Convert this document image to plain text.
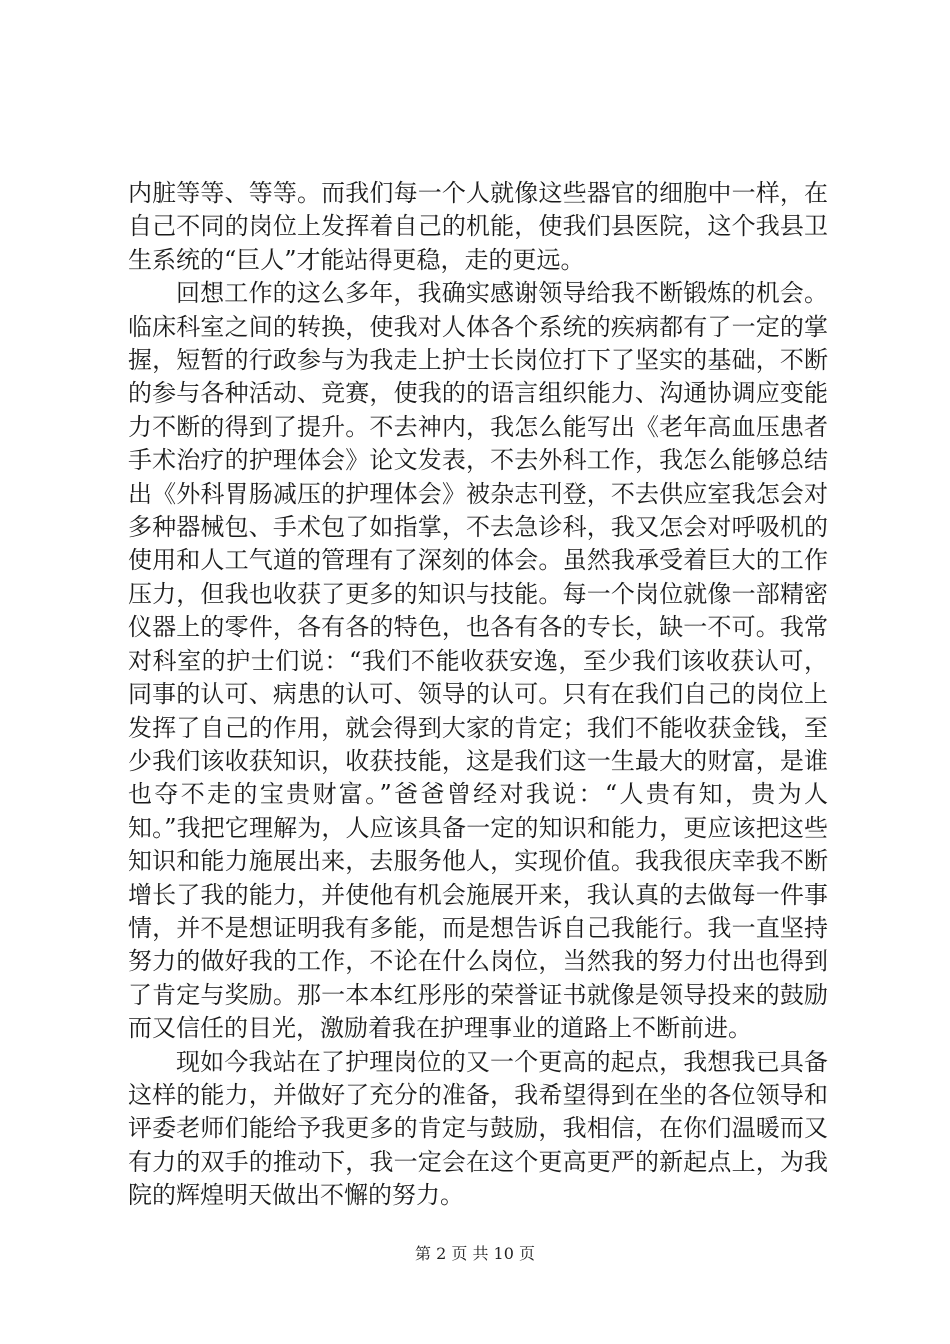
内脏等等、等等。而我们每一个人就像这些器官的细胞中一样，在自己不同的岗位上发挥着自己的机能，使我们县医院，这个我县卫生系统的“巨人”才能站得更稳，走的更远。

回想工作的这么多年，我确实感谢领导给我不断锻炼的机会。临床科室之间的转换，使我对人体各个系统的疾病都有了一定的掌握，短暂的行政参与为我走上护士长岗位打下了坚实的基础，不断的参与各种活动、竞赛，使我的的语言组织能力、沟通协调应变能力不断的得到了提升。不去神内，我怎么能写出《老年高血压患者手术治疗的护理体会》论文发表，不去外科工作，我怎么能够总结出《外科胃肠减压的护理体会》被杂志刊登，不去供应室我怎会对多种器械包、手术包了如指掌，不去急诊科，我又怎会对呼吸机的使用和人工气道的管理有了深刻的体会。虽然我承受着巨大的工作压力，但我也收获了更多的知识与技能。每一个岗位就像一部精密仪器上的零件，各有各的特色，也各有各的专长，缺一不可。我常对科室的护士们说：“我们不能收获安逸，至少我们该收获认可，同事的认可、病患的认可、领导的认可。只有在我们自己的岗位上发挥了自己的作用，就会得到大家的肯定；我们不能收获金钱，至少我们该收获知识，收获技能，这是我们这一生最大的财富，是谁也夺不走的宝贵财富。”爸爸曾经对我说：“人贵有知，贵为人知。”我把它理解为，人应该具备一定的知识和能力，更应该把这些知识和能力施展出来，去服务他人，实现价值。我我很庆幸我不断增长了我的能力，并使他有机会施展开来，我认真的去做每一件事情，并不是想证明我有多能，而是想告诉自己我能行。我一直坚持努力的做好我的工作，不论在什么岗位，当然我的努力付出也得到了肯定与奖励。那一本本红彤彤的荣誉证书就像是领导投来的鼓励而又信任的目光，激励着我在护理事业的道路上不断前进。

现如今我站在了护理岗位的又一个更高的起点，我想我已具备这样的能力，并做好了充分的准备，我希望得到在坐的各位领导和评委老师们能给予我更多的肯定与鼓励，我相信，在你们温暖而又有力的双手的推动下，我一定会在这个更高更严的新起点上，为我院的辉煌明天做出不懈的努力。

第 2 页 共 10 页
